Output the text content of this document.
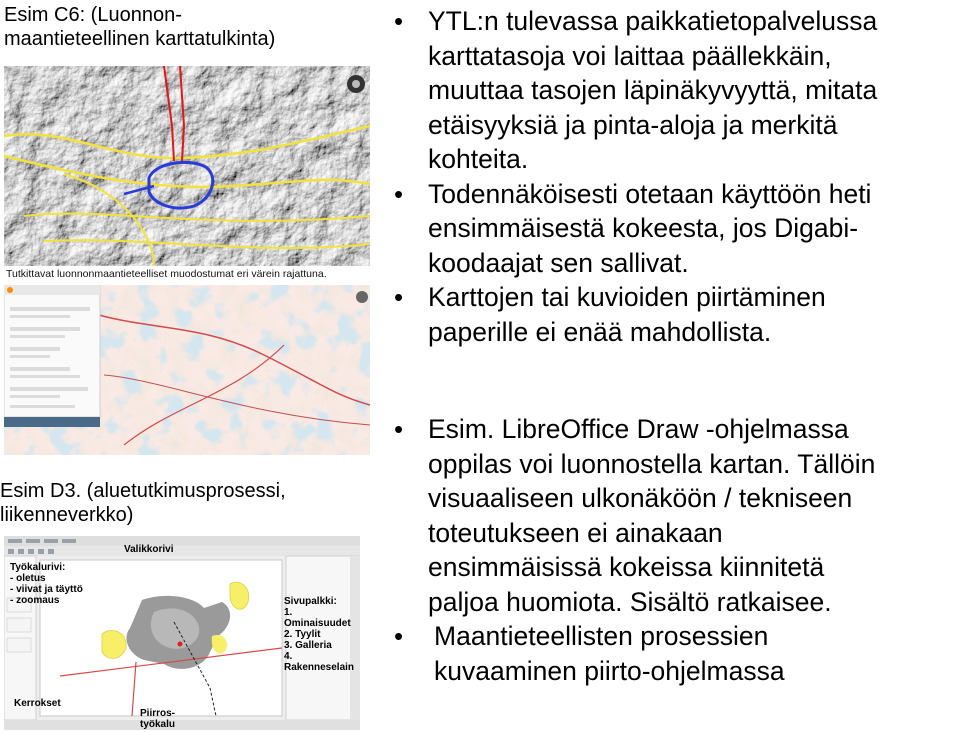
Esim C6: (Luonnon-
maantieteellinen karttatulkinta)
Tutkittavat luonnonmaantieteelliset muodostumat eri värein rajattuna.
Esim D3. (aluetutkimusprosessi,
liikenneverkko)
Valikkorivi
Työkalurivi:
- oletus
- viivat ja täyttö
- zoomaus	Sivupalkki:
1. Ominaisuudet
2. Tyylit
3. Galleria
4. Rakenneselain
Kerrokset
Piirros-
työkalu
• YTL:n tulevassa paikkatietopalvelussa
karttatasoja voi laittaa päällekkäin,
muuttaa tasojen läpinäkyvyyttä, mitata
etäisyyksiä ja pinta-aloja ja merkitä
kohteita.
• Todennäköisesti otetaan käyttöön heti
ensimmäisestä kokeesta, jos Digabi-
koodaajat sen sallivat.
• Karttojen tai kuvioiden piirtäminen
paperille ei enää mahdollista.
• Esim. LibreOffice Draw -ohjelmassa
oppilas voi luonnostella kartan. Tällöin
visuaaliseen ulkonäköön / tekniseen
toteutukseen ei ainakaan
ensimmäisissä kokeissa kiinnitetä
paljoa huomiota. Sisältö ratkaisee.
• Maantieteellisten prosessien
kuvaaminen piirto-ohjelmassa
